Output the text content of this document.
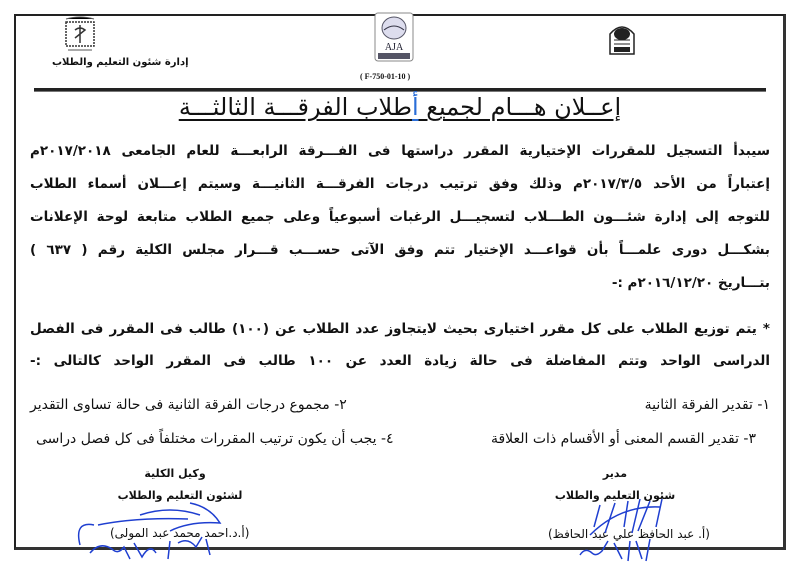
إدارة شئون التعليم والطلاب
AJA
( F-750-01-10 )
إعــلان هـــام لجميع أطلاب الفرقـــة الثالثـــة
سيبدأ التسجيل للمقررات الإختيارية المقرر دراستها فى الفـــرقة الرابعـــة للعام الجامعى ٢٠١٧/٢٠١٨م
إعتباراً من الأحد ٢٠١٧/٣/٥م وذلك وفق ترتيب درجات الفرقـــة الثانيـــة وسيتم إعـــلان أسماء الطلاب
للتوجه إلى إدارة شئـــون الطـــلاب لتسجيـــل الرغبات أسبوعياً وعلى جميع الطلاب متابعة لوحة الإعلانات
بشكـــل دورى علمـــاً بأن قواعـــد الإختيار تتم وفق الآتى حســـب قـــرار مجلس الكلية رقم ( ٦٣٧ )
بتـــاريخ ٢٠١٦/١٢/٢٠م :-
* يتم توزيع الطلاب على كل مقرر اختيارى بحيث لايتجاوز عدد الطلاب عن (١٠٠) طالب فى المقرر فى الفصل
الدراسى الواحد وتتم المفاضلة فى حالة زيادة العدد عن ١٠٠ طالب فى المقرر الواحد كالتالى :-
١- تقدير الفرقة الثانية
٢- مجموع درجات الفرقة الثانية فى حالة تساوى التقدير
٣- تقدير القسم المعنى أو الأقسام ذات العلاقة
٤- يجب أن يكون ترتيب المقررات مختلفاً فى كل فصل دراسى
مدير
شئون التعليم والطلاب
(أ. عبد الحافظ علي عبد الحافظ)
وكيل الكلية
لشئون التعليم والطلاب
(أ.د.احمد محمد عبد المولى)
